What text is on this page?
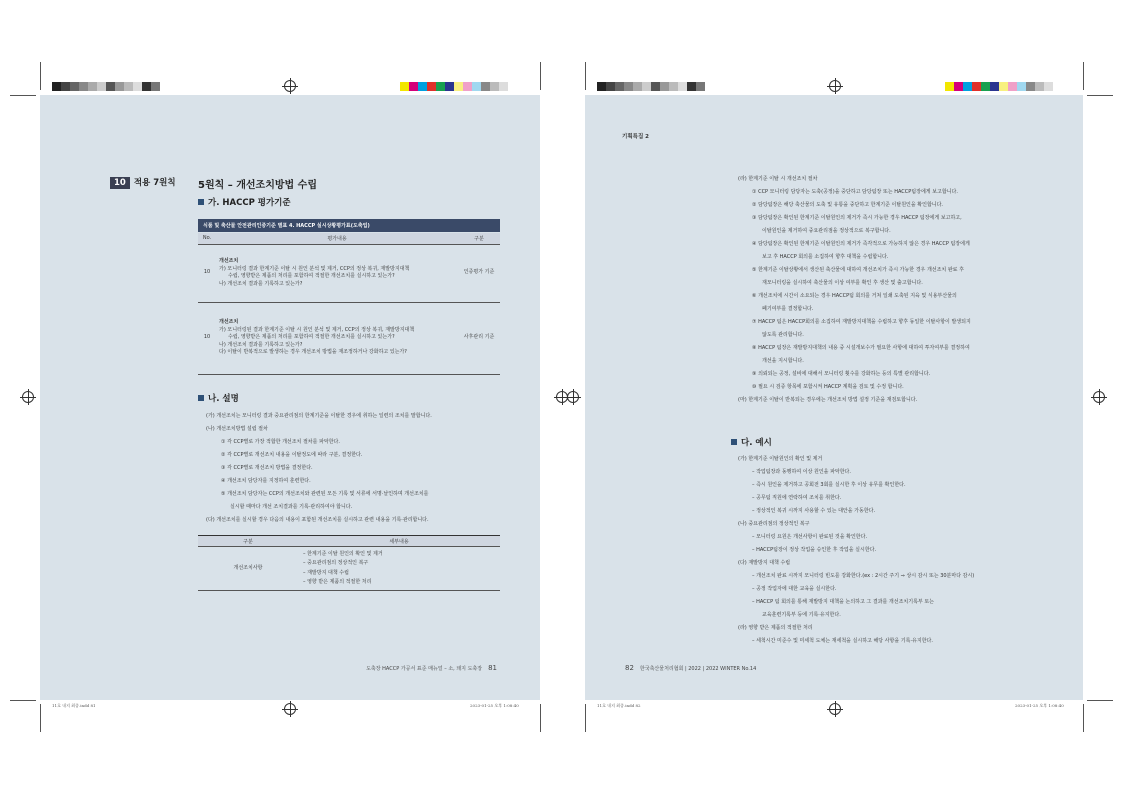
10 적용 7원칙 5원칙 – 개선조치방법 수립
가. HACCP 평가기준
식품 및 축산물 안전관리인증기준 별표 4. HACCP 실시상황평가표(도축업)
No.	평가내용	구분
10	개선조치
가) 모니터링 결과 한계기준 이탈 시 원인 분석 및 제거, CCP의 정상 복귀, 재발방지대책
수립, 영향받은 제품의 처리를 포함하여 적절한 개선조치를 실시하고 있는가?
나) 개선조치 결과를 기록하고 있는가?	인증평가 기준
10	개선조치
가) 모니터링된 결과 한계기준 이탈 시 원인 분석 및 제거, CCP의 정상 복귀, 재발방지대책
수립, 영향받은 제품의 처리를 포함하여 적절한 개선조치를 실시하고 있는가?
나) 개선조치 결과를 기록하고 있는가?
다) 이탈이 반복적으로 발생하는 경우 개선조치 방법을 재조정하거나 강화하고 있는가?	사후관리 기준
나. 설명
(가) 개선조치는 모니터링 결과 중요관리점의 한계기준을 이탈한 경우에 취하는 일련의 조치를 말합니다.
(나) 개선조치방법 설립 절차
① 각 CCP별로 가장 적합한 개선조치 절차를 파악한다.
② 각 CCP별로 개선조치 내용을 이탈정도에 따라 구분, 결정한다.
③ 각 CCP별로 개선조치 방법을 결정한다.
④ 개선조치 담당자를 지정하여 훈련한다.
⑤ 개선조치 담당자는 CCP의 개선조치와 관련된 모든 기록 및 서류에 서명·날인하며 개선조치를
실시할 때마다 개선 조치결과를 기록·관리하여야 합니다.
(다) 개선조치를 실시할 경우 다음의 내용이 포함된 개선조치를 실시하고 관련 내용을 기록·관리합니다.
구분	세부내용
개선조치사항	– 한계기준 이탈 원인의 확인 및 제거
– 중요관리점의 정상적인 복구
– 재발방지 대책 수립
– 영향 받은 제품의 적절한 처리
도축장 HACCP 가공서 표준 매뉴얼 – 소, 돼지 도축장 81
11호 내지 최종.indd 81	2023-01-25 오후 1:08:40
기획특집 2
(라) 한계기준 이탈 시 개선조치 절차
① CCP 모니터링 담당자는 도축(공정)을 중단하고 담당팀장 또는 HACCP팀장에게 보고합니다.
② 담당팀장은 해당 축산물의 도축 및 유통을 중단하고 한계기준 이탈원인을 확인합니다.
③ 담당팀장은 확인된 한계기준 이탈원인의 제거가 즉시 가능한 경우 HACCP 팀장에게 보고하고,
이탈원인을 제거하여 중요관리점을 정상적으로 복구합니다.
④ 담당팀장은 확인된 한계기준 이탈원인의 제거가 즉각적으로 가능하지 않은 경우 HACCP 팀장에게
보고 후 HACCP 회의를 소집하여 향후 대책을 수립합니다.
⑤ 한계기준 이탈상황에서 생산된 축산물에 대하여 개선조치가 즉시 가능한 경우 개선조치 완료 후
재모니터링을 실시하여 축산물의 이상 여부를 확인 후 생산 및 출고합니다.
⑥ 개선조치에 시간이 소요되는 경우 HACCP팀 회의를 거쳐 일쇄 도축된 지육 및 식용부산물의
폐기여부를 결정합니다.
⑦ HACCP 팀은 HACCP회의를 소집하여 재발방지대책을 수립하고 향후 동일한 이탈사항이 발생되지
않도록 관리합니다.
⑧ HACCP 팀장은 재발방지대책의 내용 중 시설개보수가 필요한 사항에 대하여 투자여부를 결정하여
개선을 지시합니다.
⑨ 의뢰되는 공정, 설비에 대해서 모니터링 횟수를 강화하는 등의 특별 관리합니다.
⑩ 필요 시 검증 항목에 포함시켜 HACCP 계획을 검토 및 수정 합니다.
(마) 한계기준 이탈이 반복되는 경우에는 개선조치 방법 설정 기준을 재검토합니다.
다. 예시
(가) 한계기준 이탈원인의 확인 및 제거
– 작업팀장과 동행하여 이상 원인을 파악한다.
– 즉시 원인을 제거하고 공회전 3회를 실시한 후 이상 유무를 확인한다.
– 공무팀 직원에 연락하여 조치를 취한다.
– 정상적인 복귀 시까지 사용할 수 있는 대안을 가동한다.
(나) 중요관리점의 정상적인 복구
– 모니터링 요원은 개선사항이 완료된 것을 확인한다.
– HACCP팀장이 정상 작업을 승인한 후 작업을 실시한다.
(다) 재발방지 대책 수립
– 개선조치 완료 시까지 모니터링 빈도를 강화한다.(ex : 2시간 주기 ⇒ 상시 감시 또는 30분마다 감시)
– 공정 작업자에 대한 교육을 실시한다.
– HACCP 팀 회의를 통해 재발방지 대책을 논의하고 그 결과를 개선조치기록부 또는
교육훈련기록부 등에 기록·유지한다.
(라) 영향 받은 제품의 적절한 처리
– 세척시간 미준수 및 미세척 도체는 재세척을 실시하고 해당 사항을 기록·유지한다.
82 한국축산물처리협회 | 2022 | 2022 WINTER No.14
11호 내지 최종.indd 82	2023-01-25 오후 1:08:40
